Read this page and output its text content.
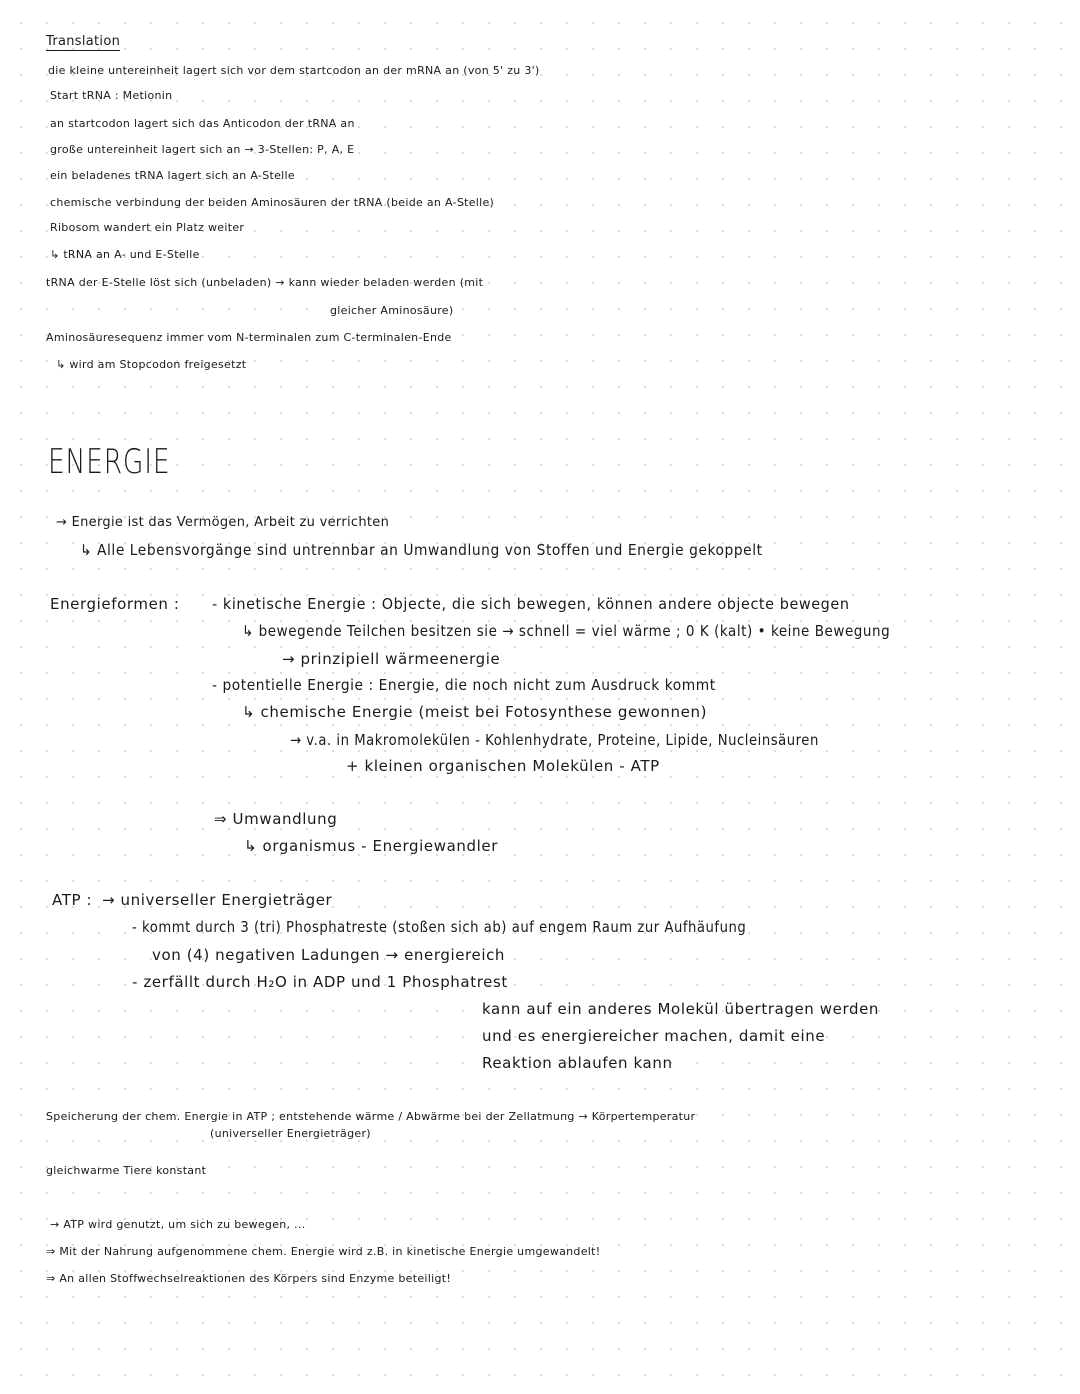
Translation
die kleine untereinheit lagert sich vor dem startcodon an der mRNA an (von 5' zu 3')
Start tRNA : Metionin
an startcodon lagert sich das Anticodon der tRNA an
große untereinheit lagert sich an → 3-Stellen: P, A, E
ein beladenes tRNA lagert sich an A-Stelle
chemische verbindung der beiden Aminosäuren der tRNA (beide an A-Stelle)
Ribosom wandert ein Platz weiter
↳ tRNA an A- und E-Stelle
tRNA der E-Stelle löst sich (unbeladen) → kann wieder beladen werden (mit
gleicher Aminosäure)
Aminosäuresequenz immer vom N-terminalen zum C-terminalen-Ende
↳ wird am Stopcodon freigesetzt
ENERGIE
→ Energie ist das Vermögen, Arbeit zu verrichten
↳ Alle Lebensvorgänge sind untrennbar an Umwandlung von Stoffen und Energie gekoppelt
Energieformen : - kinetische Energie : Objecte, die sich bewegen, können andere objecte bewegen
↳ bewegende Teilchen besitzen sie → schnell = viel wärme ; 0 K (kalt) • keine Bewegung
→ prinzipiell wärmeenergie
- potentielle Energie : Energie, die noch nicht zum Ausdruck kommt
↳ chemische Energie (meist bei Fotosynthese gewonnen)
→ v.a. in Makromolekülen - Kohlenhydrate, Proteine, Lipide, Nucleinsäuren
+ kleinen organischen Molekülen - ATP
⇒ Umwandlung
↳ organismus - Energiewandler
ATP : → universeller Energieträger
- kommt durch 3 (tri) Phosphatreste (stoßen sich ab) auf engem Raum zur Aufhäufung
von (4) negativen Ladungen → energiereich
- zerfällt durch H₂O in ADP und 1 Phosphatrest
kann auf ein anderes Molekül übertragen werden
und es energiereicher machen, damit eine
Reaktion ablaufen kann
Speicherung der chem. Energie in ATP ; entstehende wärme / Abwärme bei der Zellatmung → Körpertemperatur
(universeller Energieträger)
gleichwarme Tiere konstant
→ ATP wird genutzt, um sich zu bewegen, ...
⇒ Mit der Nahrung aufgenommene chem. Energie wird z.B. in kinetische Energie umgewandelt!
⇒ An allen Stoffwechselreaktionen des Körpers sind Enzyme beteiligt!
